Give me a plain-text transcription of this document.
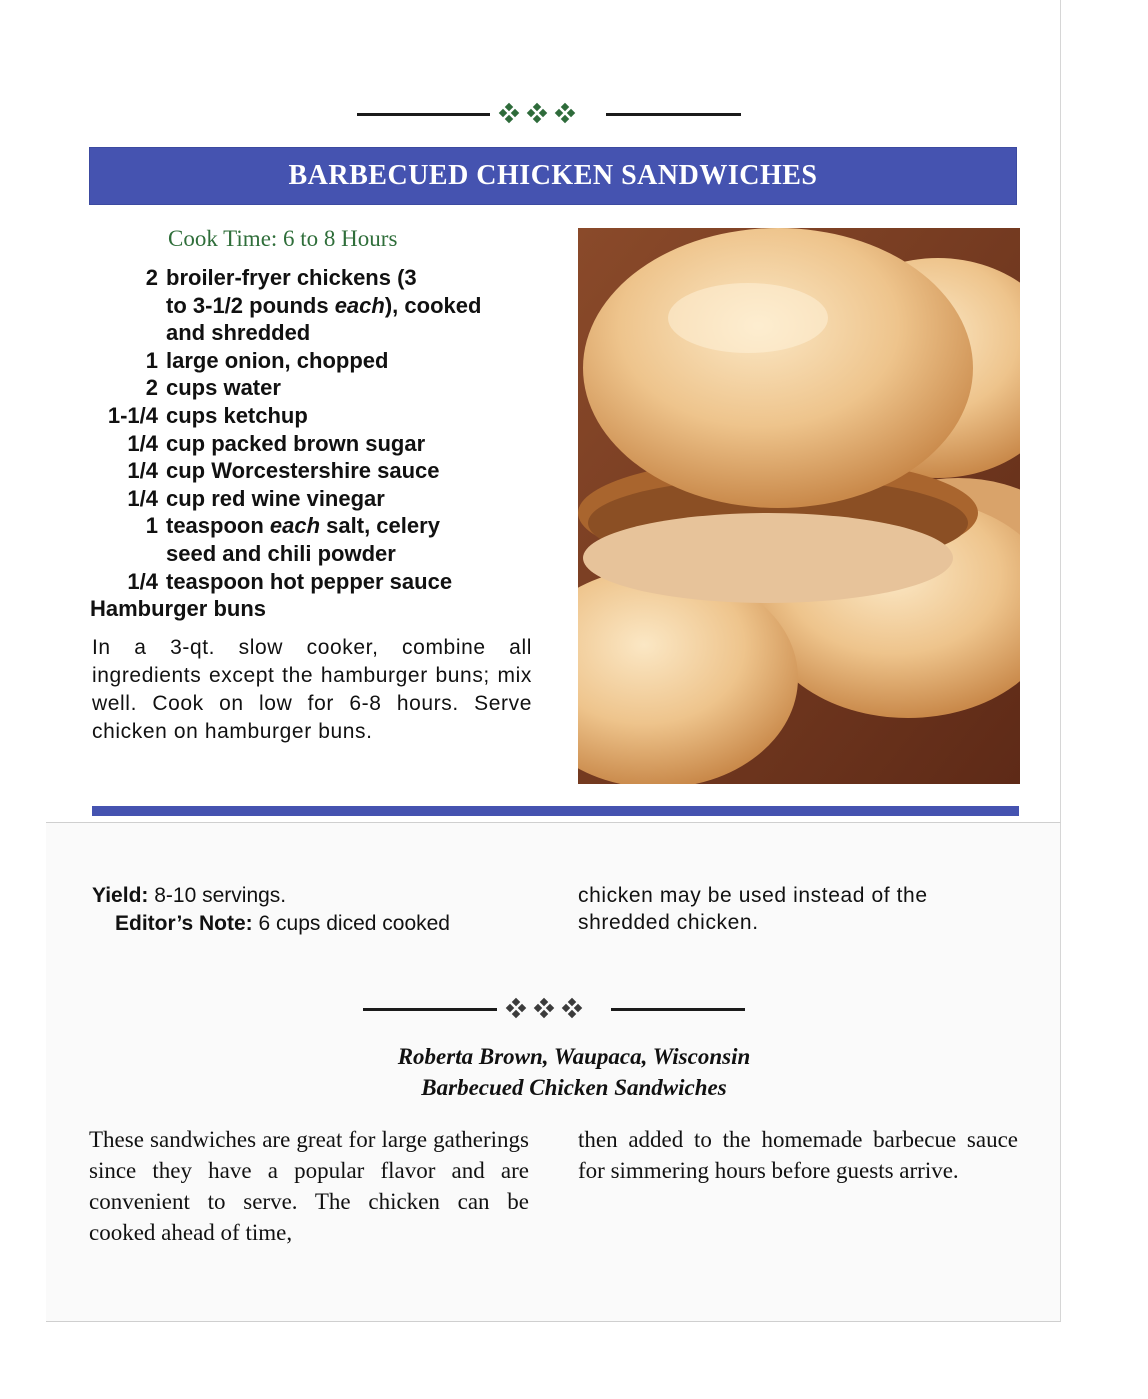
BARBECUED CHICKEN SANDWICHES
Cook Time: 6 to 8 Hours
2 broiler-fryer chickens (3
to 3-1/2 pounds each), cooked
and shredded
1 large onion, chopped
2 cups water
1-1/4 cups ketchup
1/4 cup packed brown sugar
1/4 cup Worcestershire sauce
1/4 cup red wine vinegar
1 teaspoon each salt, celery
seed and chili powder
1/4 teaspoon hot pepper sauce
Hamburger buns
In a 3-qt. slow cooker, combine all ingredients except the hamburger buns; mix well. Cook on low for 6-8 hours. Serve chicken on hamburger buns.
Yield: 8-10 servings.
Editor’s Note: 6 cups diced cooked
chicken may be used instead of the shredded chicken.
Roberta Brown, Waupaca, Wisconsin
Barbecued Chicken Sandwiches
These sandwiches are great for large gatherings since they have a popular flavor and are convenient to serve. The chicken can be cooked ahead of time,
then added to the homemade barbecue sauce for simmering hours before guests arrive.
